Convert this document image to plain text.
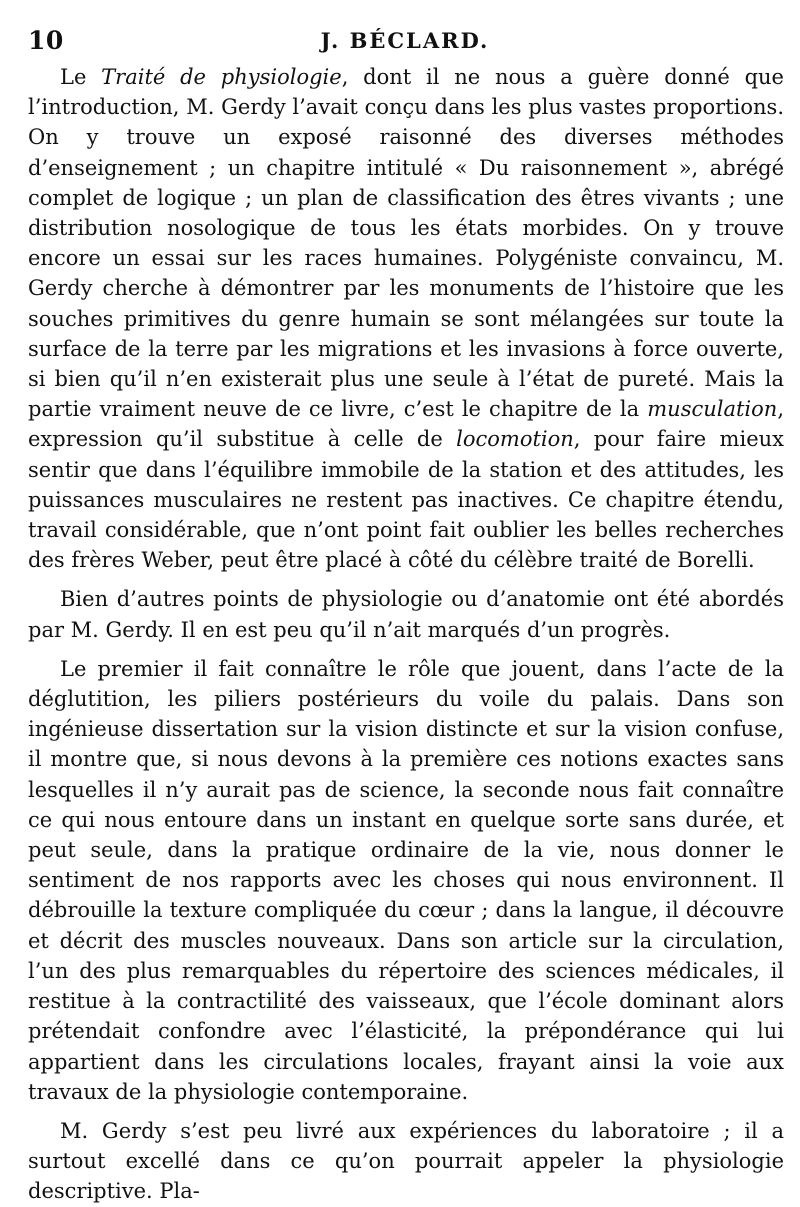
10	J. BÉCLARD.

Le Traité de physiologie, dont il ne nous a guère donné que l’introduction, M. Gerdy l’avait conçu dans les plus vastes proportions. On y trouve un exposé raisonné des diverses méthodes d’enseignement ; un chapitre intitulé « Du raisonnement », abrégé complet de logique ; un plan de classification des êtres vivants ; une distribution nosologique de tous les états morbides. On y trouve encore un essai sur les races humaines. Polygéniste convaincu, M. Gerdy cherche à démontrer par les monuments de l’histoire que les souches primitives du genre humain se sont mélangées sur toute la surface de la terre par les migrations et les invasions à force ouverte, si bien qu’il n’en existerait plus une seule à l’état de pureté. Mais la partie vraiment neuve de ce livre, c’est le chapitre de la musculation, expression qu’il substitue à celle de locomotion, pour faire mieux sentir que dans l’équilibre immobile de la station et des attitudes, les puissances musculaires ne restent pas inactives. Ce chapitre étendu, travail considérable, que n’ont point fait oublier les belles recherches des frères Weber, peut être placé à côté du célèbre traité de Borelli.

Bien d’autres points de physiologie ou d’anatomie ont été abordés par M. Gerdy. Il en est peu qu’il n’ait marqués d’un progrès.

Le premier il fait connaître le rôle que jouent, dans l’acte de la déglutition, les piliers postérieurs du voile du palais. Dans son ingénieuse dissertation sur la vision distincte et sur la vision confuse, il montre que, si nous devons à la première ces notions exactes sans lesquelles il n’y aurait pas de science, la seconde nous fait connaître ce qui nous entoure dans un instant en quelque sorte sans durée, et peut seule, dans la pratique ordinaire de la vie, nous donner le sentiment de nos rapports avec les choses qui nous environnent. Il débrouille la texture compliquée du cœur ; dans la langue, il découvre et décrit des muscles nouveaux. Dans son article sur la circulation, l’un des plus remarquables du répertoire des sciences médicales, il restitue à la contractilité des vaisseaux, que l’école dominant alors prétendait confondre avec l’élasticité, la prépondérance qui lui appartient dans les circulations locales, frayant ainsi la voie aux travaux de la physiologie contemporaine.

M. Gerdy s’est peu livré aux expériences du laboratoire ; il a surtout excellé dans ce qu’on pourrait appeler la physiologie descriptive. Pla-
